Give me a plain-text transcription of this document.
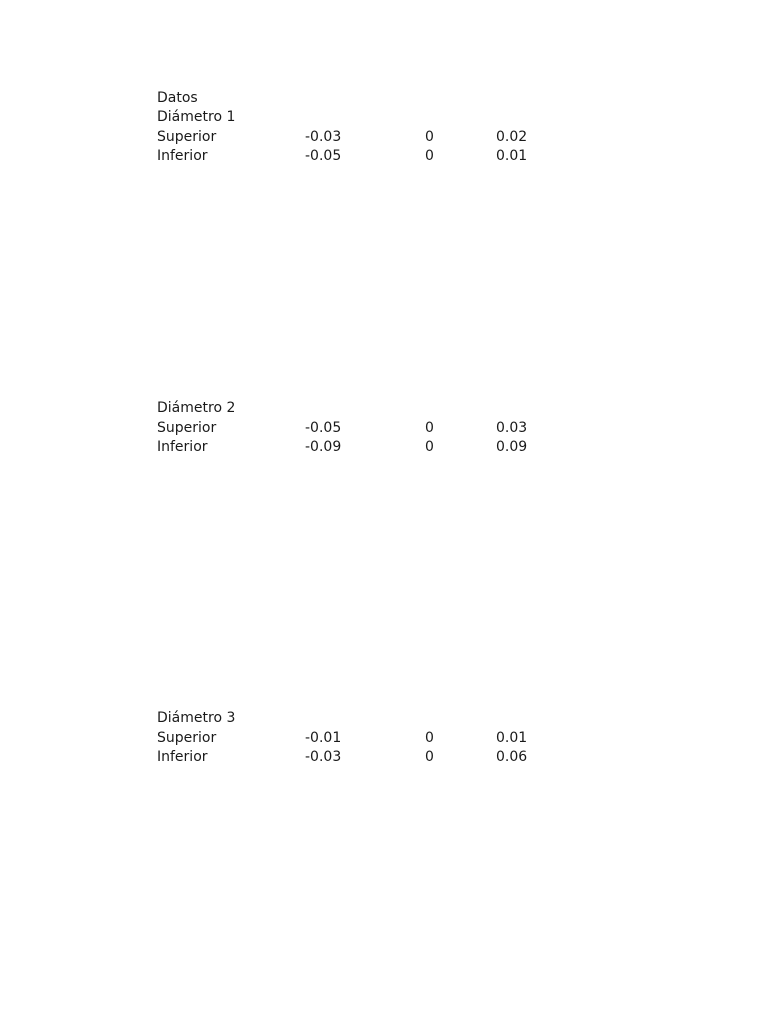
Datos
Diámetro 1
Superior	-0.03	0	0.02
Inferior	-0.05	0	0.01
Diámetro 2
Superior	-0.05	0	0.03
Inferior	-0.09	0	0.09
Diámetro 3
Superior	-0.01	0	0.01
Inferior	-0.03	0	0.06
